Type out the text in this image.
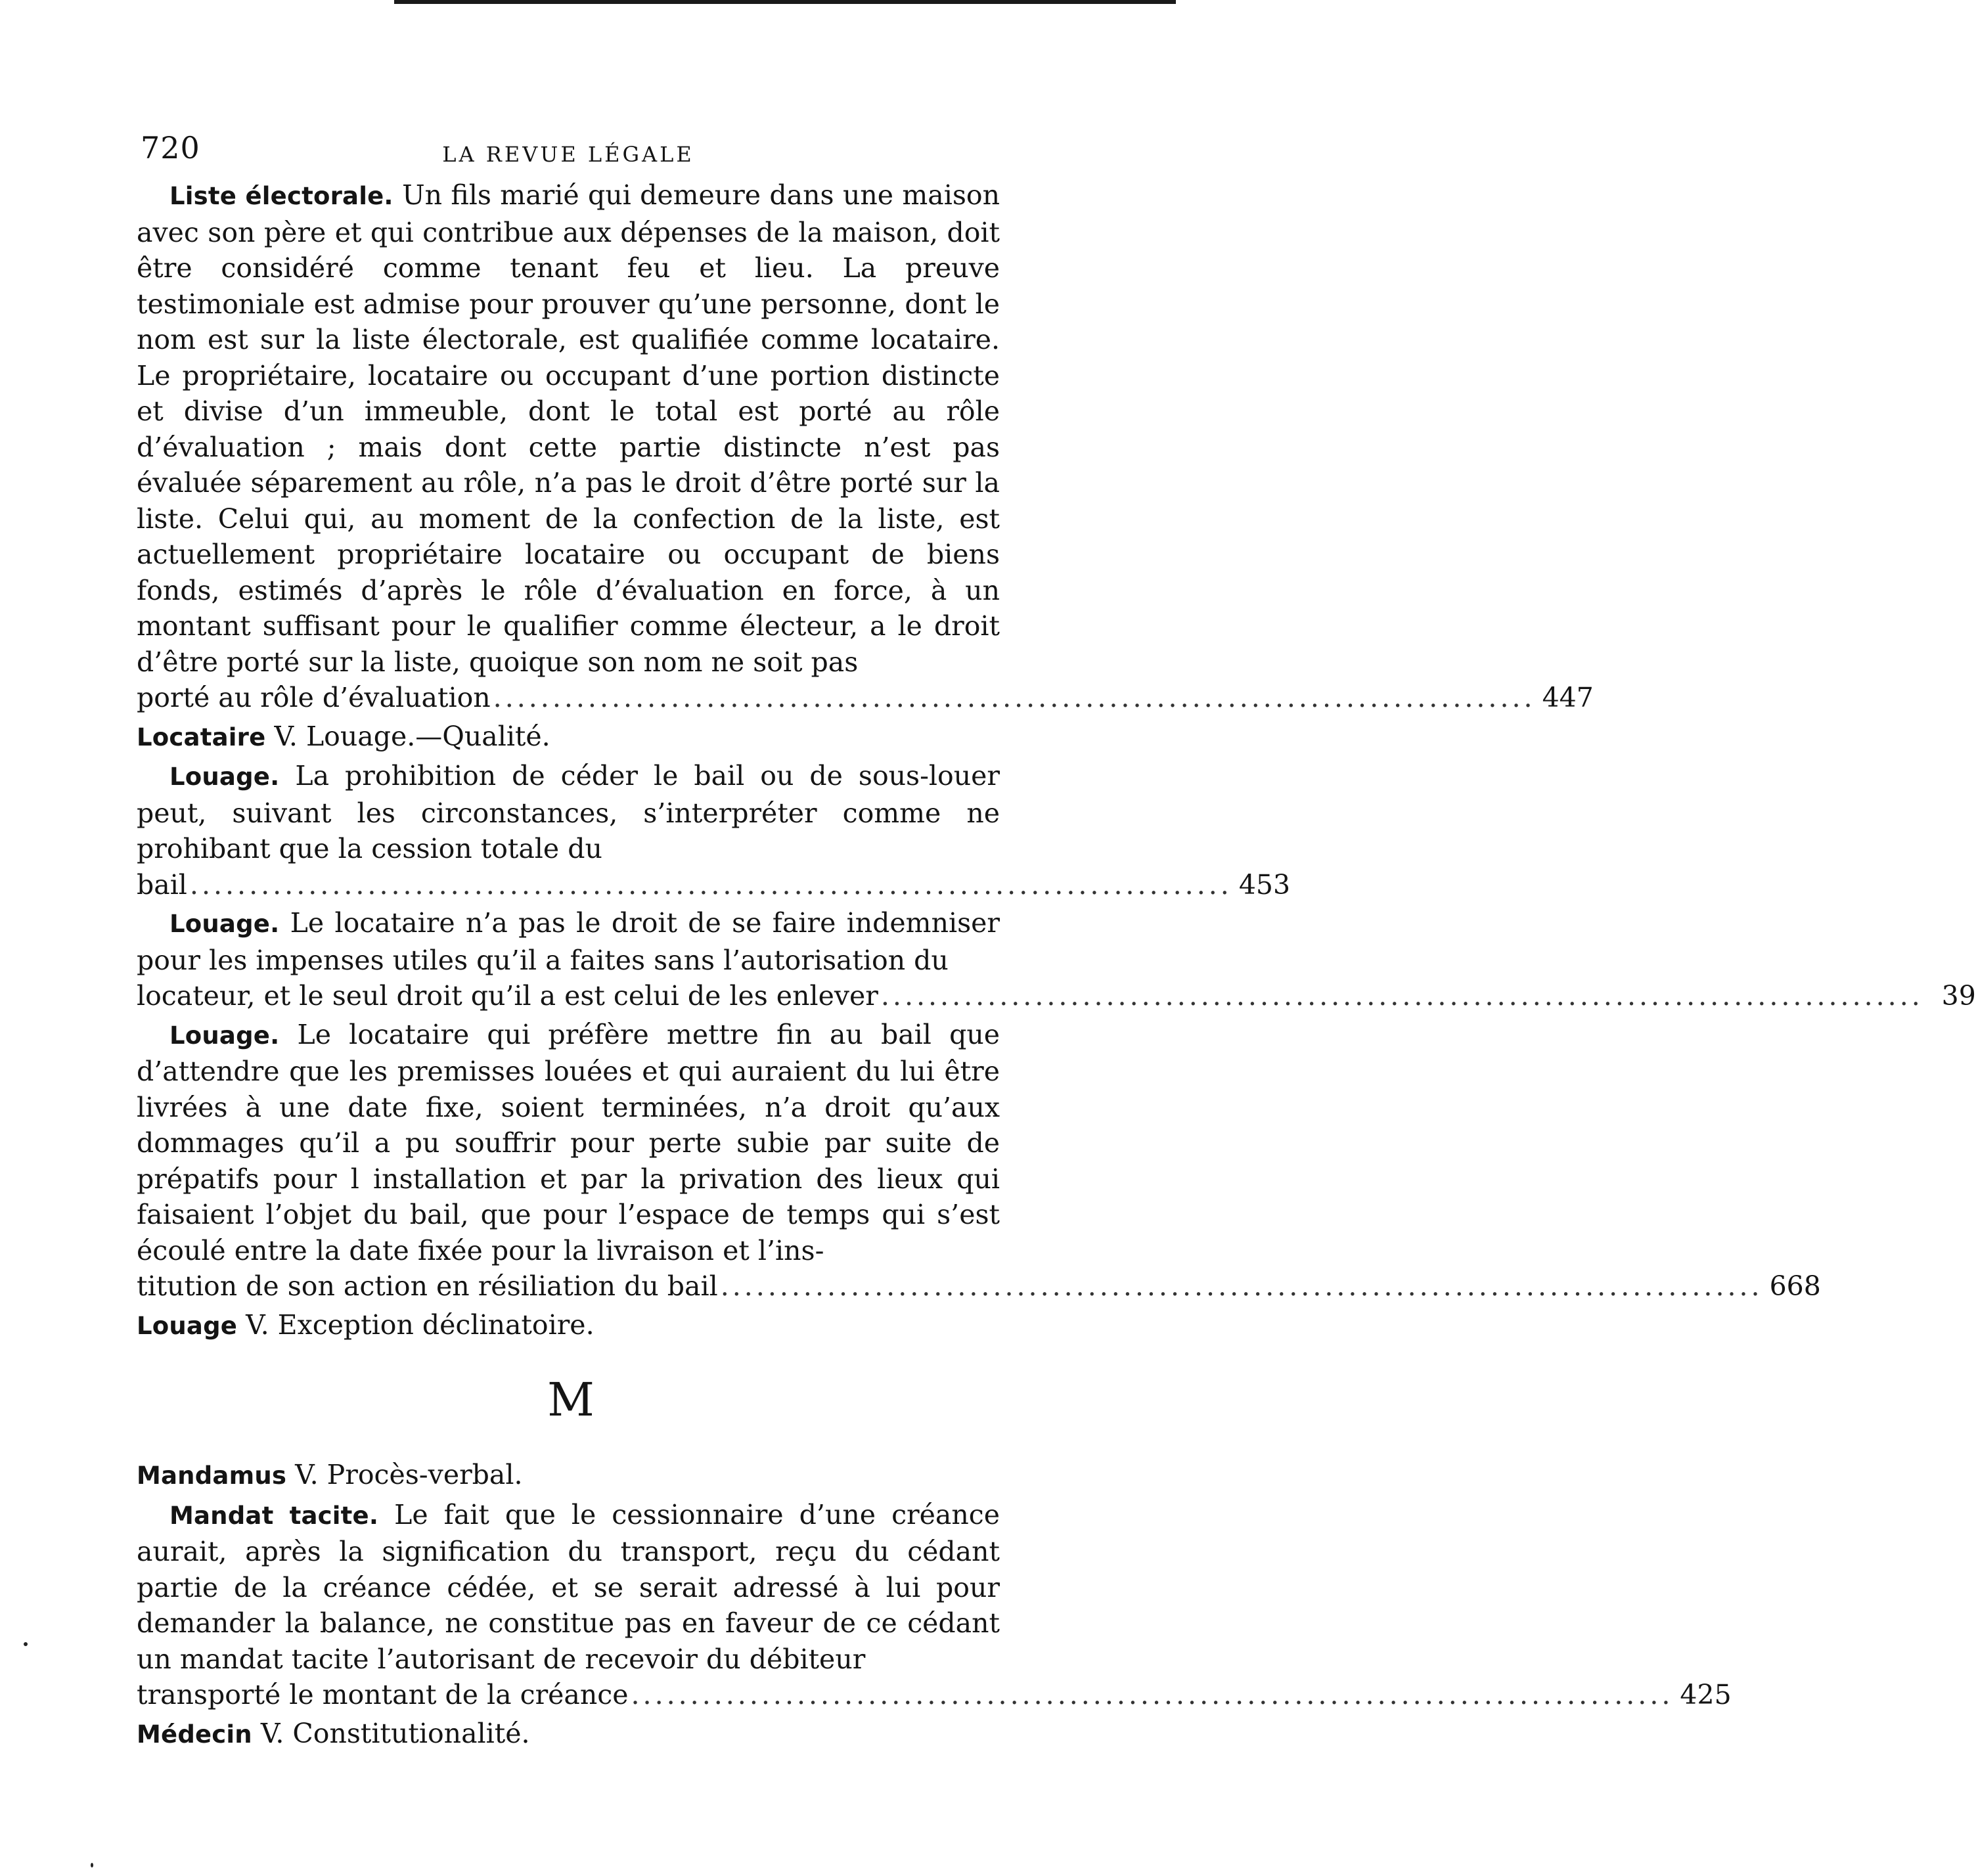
720	LA REVUE LÉGALE
Liste électorale. Un fils marié qui demeure dans une maison avec son père et qui contribue aux dépenses de la maison, doit être considéré comme tenant feu et lieu. La preuve testimoniale est admise pour prouver qu’une personne, dont le nom est sur la liste électorale, est qualifiée comme locataire. Le propriétaire, locataire ou occupant d’une portion distincte et divise d’un immeuble, dont le total est porté au rôle d’évaluation ; mais dont cette partie distincte n’est pas évaluée séparement au rôle, n’a pas le droit d’être porté sur la liste. Celui qui, au moment de la confection de la liste, est actuellement propriétaire locataire ou occupant de biens fonds, estimés d’après le rôle d’évaluation en force, à un montant suffisant pour le qualifier comme électeur, a le droit d’être porté sur la liste, quoique son nom ne soit pas
porté au rôle d’évaluation ........................................................................................ 447
Locataire V. Louage.—Qualité.
Louage. La prohibition de céder le bail ou de sous-louer peut, suivant les circonstances, s’interpréter comme ne prohibant que la cession totale du
bail ........................................................................................ 453
Louage. Le locataire n’a pas le droit de se faire indemniser pour les impenses utiles qu’il a faites sans l’autorisation du
locateur, et le seul droit qu’il a est celui de les enlever ........................................................................................ 39
Louage. Le locataire qui préfère mettre fin au bail que d’attendre que les premisses louées et qui auraient du lui être livrées à une date fixe, soient terminées, n’a droit qu’aux dommages qu’il a pu souffrir pour perte subie par suite de prépatifs pour l installation et par la privation des lieux qui faisaient l’objet du bail, que pour l’espace de temps qui s’est écoulé entre la date fixée pour la livraison et l’ins-
titution de son action en résiliation du bail ........................................................................................ 668
Louage V. Exception déclinatoire.
M
Mandamus V. Procès-verbal.
Mandat tacite. Le fait que le cessionnaire d’une créance aurait, après la signification du transport, reçu du cédant partie de la créance cédée, et se serait adressé à lui pour demander la balance, ne constitue pas en faveur de ce cédant un mandat tacite l’autorisant de recevoir du débiteur
transporté le montant de la créance ........................................................................................ 425
Médecin V. Constitutionalité.
